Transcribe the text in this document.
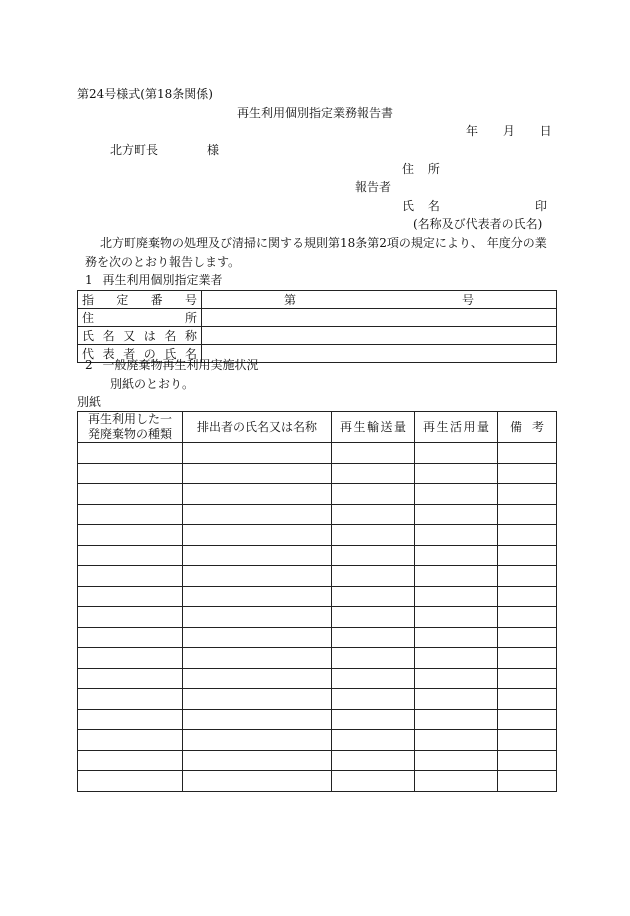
第24号様式(第18条関係)
再生利用個別指定業務報告書
年 月 日
北方町長	様
住 所
報告者
氏 名	印
(名称及び代表者の氏名)
北方町廃棄物の処理及び清掃に関する規則第18条第2項の規定により、 年度分の業
務を次のとおり報告します。
1 再生利用個別指定業者
指定番号	第 号

住所	

氏名又は名称	

代表者の氏名	

2 一般廃棄物再生利用実施状況
別紙のとおり。
別紙
再生利用した一
発廃棄物の種類	排出者の氏名又は名称	再生輸送量	再生活用量	備考
